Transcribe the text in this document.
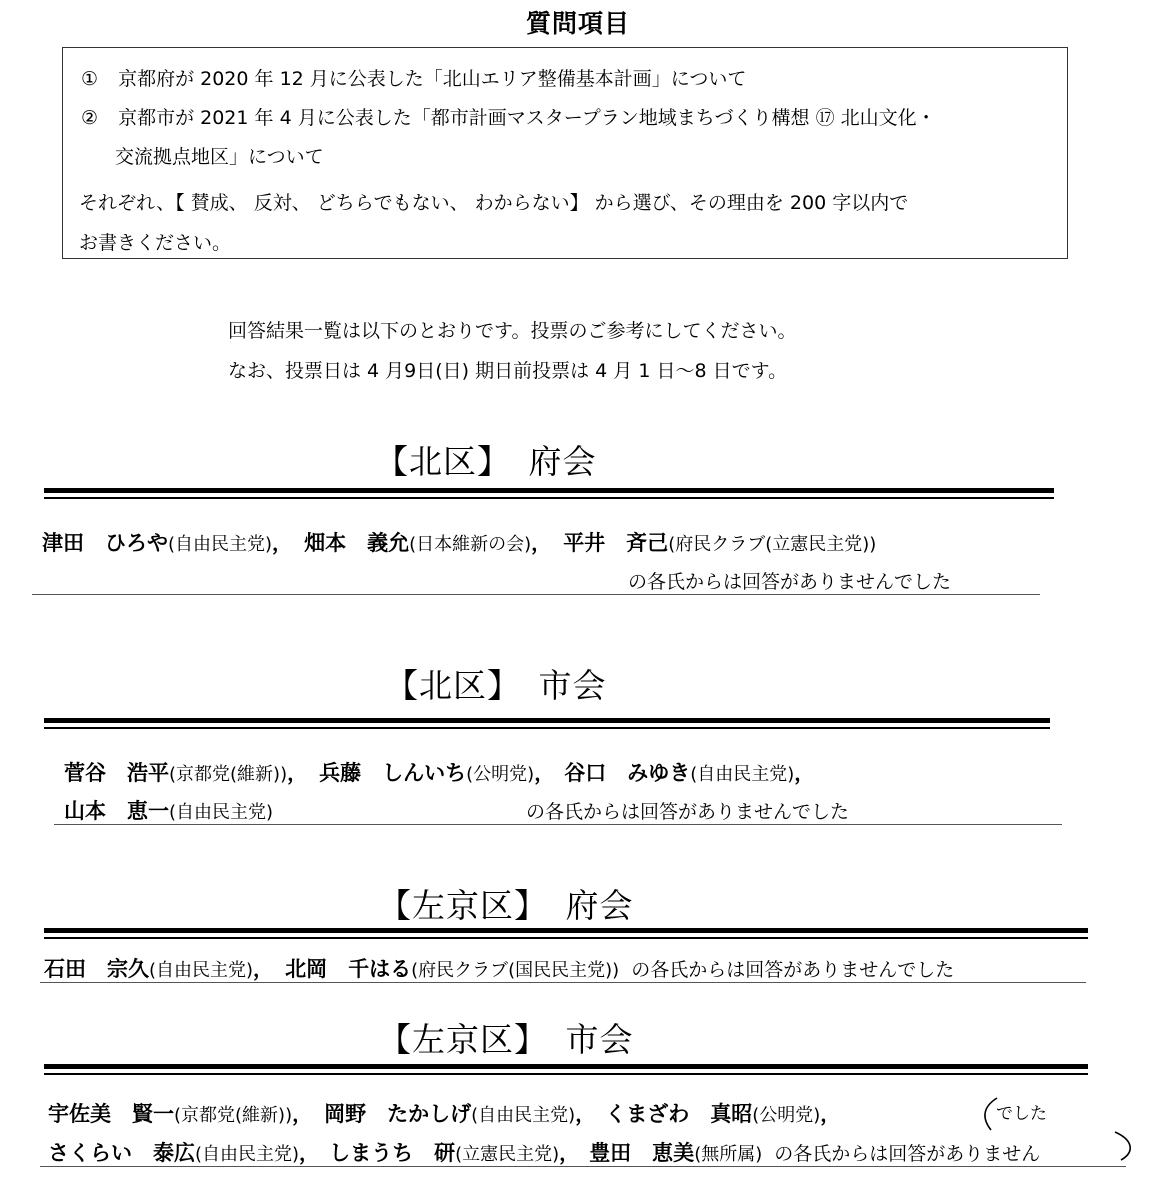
質問項目
① 京都府が 2020 年 12 月に公表した「北山エリア整備基本計画」について
② 京都市が 2021 年 4 月に公表した「都市計画マスタープラン地域まちづくり構想 ⑰ 北山文化・
交流拠点地区」について
それぞれ、【 賛成、 反対、 どちらでもない、 わからない】 から選び、その理由を 200 字以内で
お書きください。
回答結果一覧は以下のとおりです。投票のご参考にしてください。
なお、投票日は 4 月9日(日) 期日前投票は 4 月 1 日～8 日です。
【北区】　府会
津田　ひろや(自由民主党)， 畑本　義允(日本維新の会)， 平井　斉己(府民クラブ(立憲民主党))
の各氏からは回答がありませんでした
【北区】　市会
菅谷　浩平(京都党(維新))， 兵藤　しんいち(公明党)， 谷口　みゆき(自由民主党)，
山本　恵一(自由民主党)	の各氏からは回答がありませんでした
【左京区】　府会
石田　宗久(自由民主党)， 北岡　千はる(府民クラブ(国民民主党)) の各氏からは回答がありませんでした
【左京区】　市会
宇佐美　賢一(京都党(維新))， 岡野　たかしげ(自由民主党)， くまざわ　真昭(公明党)，	でした
さくらい　泰広(自由民主党)， しまうち　研(立憲民主党)， 豊田　恵美(無所属) の各氏からは回答がありません
